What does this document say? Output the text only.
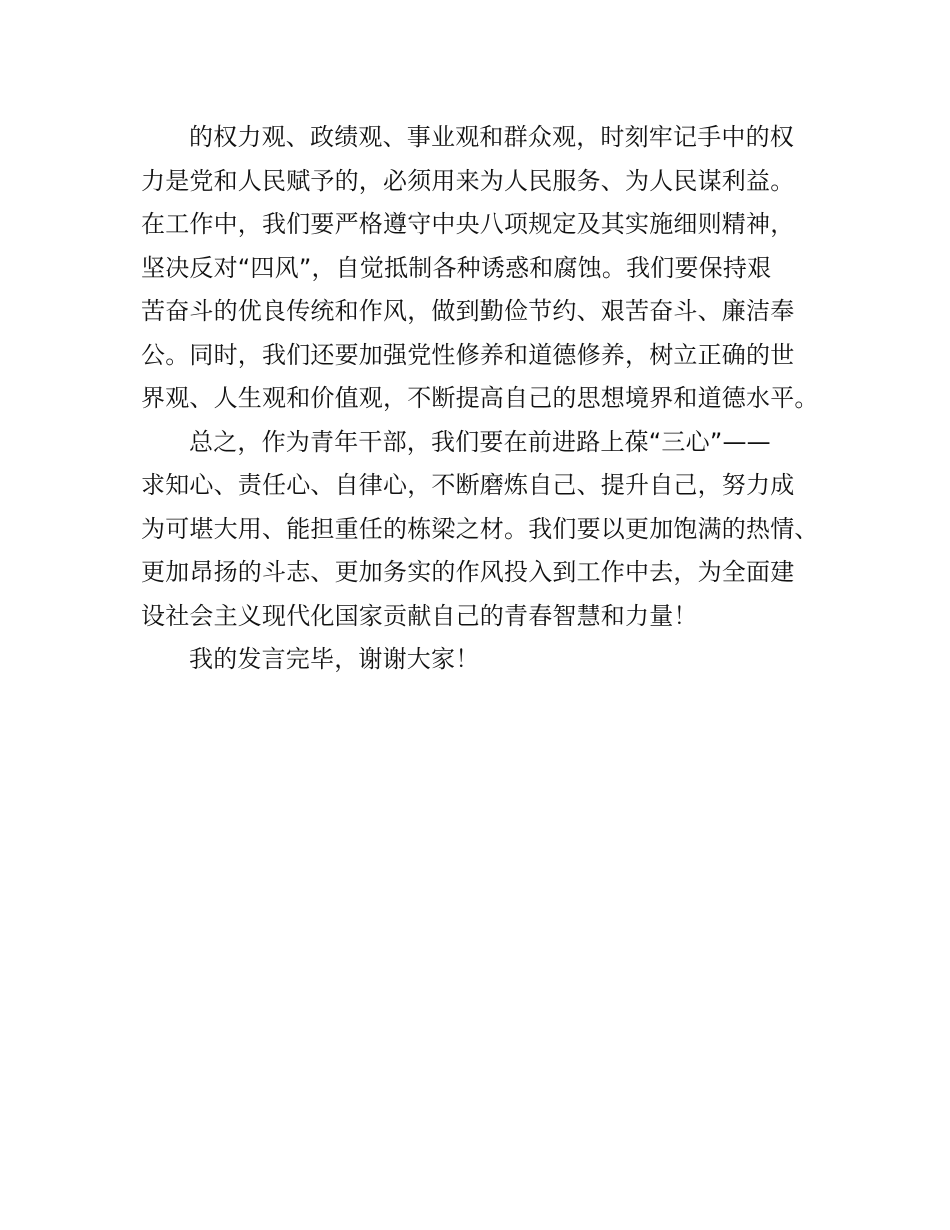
的权力观、政绩观、事业观和群众观，时刻牢记手中的权
力是党和人民赋予的，必须用来为人民服务、为人民谋利益。
在工作中，我们要严格遵守中央八项规定及其实施细则精神，
坚决反对“四风”，自觉抵制各种诱惑和腐蚀。我们要保持艰
苦奋斗的优良传统和作风，做到勤俭节约、艰苦奋斗、廉洁奉
公。同时，我们还要加强党性修养和道德修养，树立正确的世
界观、人生观和价值观，不断提高自己的思想境界和道德水平。
总之，作为青年干部，我们要在前进路上葆“三心”——
求知心、责任心、自律心，不断磨炼自己、提升自己，努力成
为可堪大用、能担重任的栋梁之材。我们要以更加饱满的热情、
更加昂扬的斗志、更加务实的作风投入到工作中去，为全面建
设社会主义现代化国家贡献自己的青春智慧和力量！
我的发言完毕，谢谢大家！
